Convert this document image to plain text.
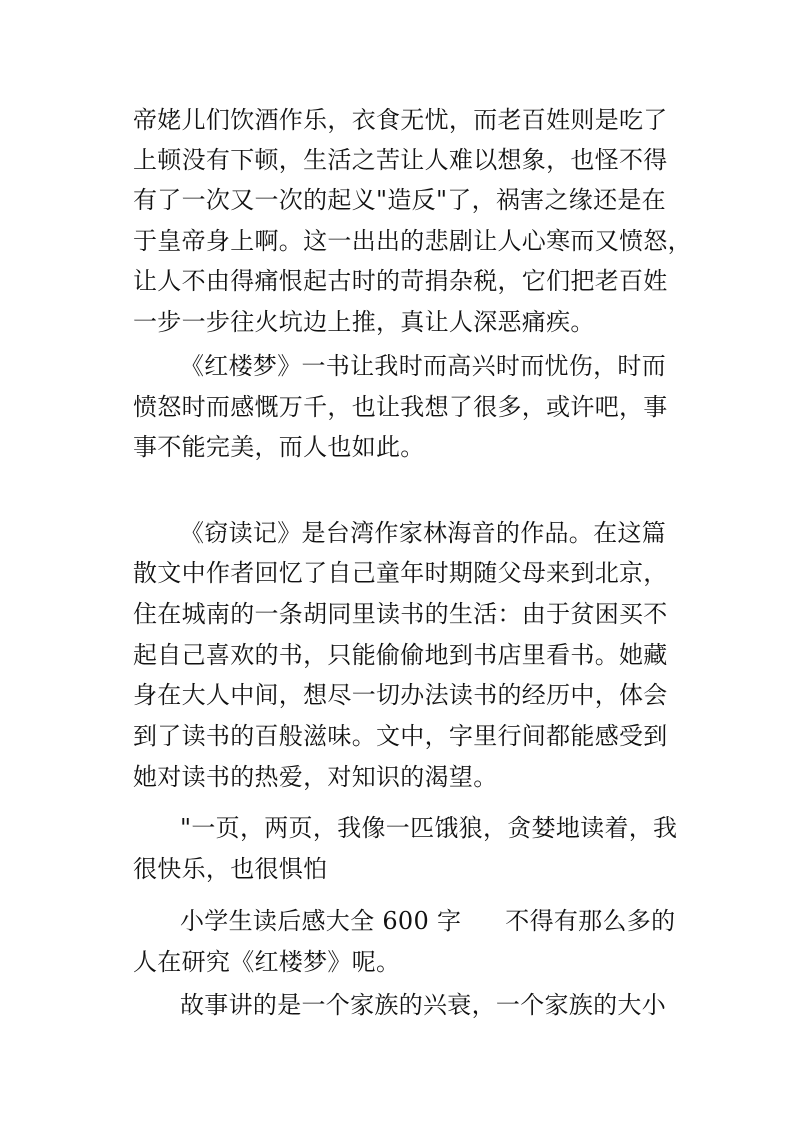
帝姥儿们饮酒作乐，衣食无忧，而老百姓则是吃了
上顿没有下顿，生活之苦让人难以想象，也怪不得
有了一次又一次的起义"造反"了，祸害之缘还是在
于皇帝身上啊。这一出出的悲剧让人心寒而又愤怒，
让人不由得痛恨起古时的苛捐杂税，它们把老百姓
一步一步往火坑边上推，真让人深恶痛疾。
《红楼梦》一书让我时而高兴时而忧伤，时而
愤怒时而感慨万千，也让我想了很多，或许吧，事
事不能完美，而人也如此。
《窃读记》是台湾作家林海音的作品。在这篇
散文中作者回忆了自己童年时期随父母来到北京，
住在城南的一条胡同里读书的生活：由于贫困买不
起自己喜欢的书，只能偷偷地到书店里看书。她藏
身在大人中间，想尽一切办法读书的经历中，体会
到了读书的百般滋味。文中，字里行间都能感受到
她对读书的热爱，对知识的渴望。
"一页，两页，我像一匹饿狼，贪婪地读着，我
很快乐，也很惧怕
小学生读后感大全 600 字 不得有那么多的
人在研究《红楼梦》呢。
故事讲的是一个家族的兴衰，一个家族的大小
